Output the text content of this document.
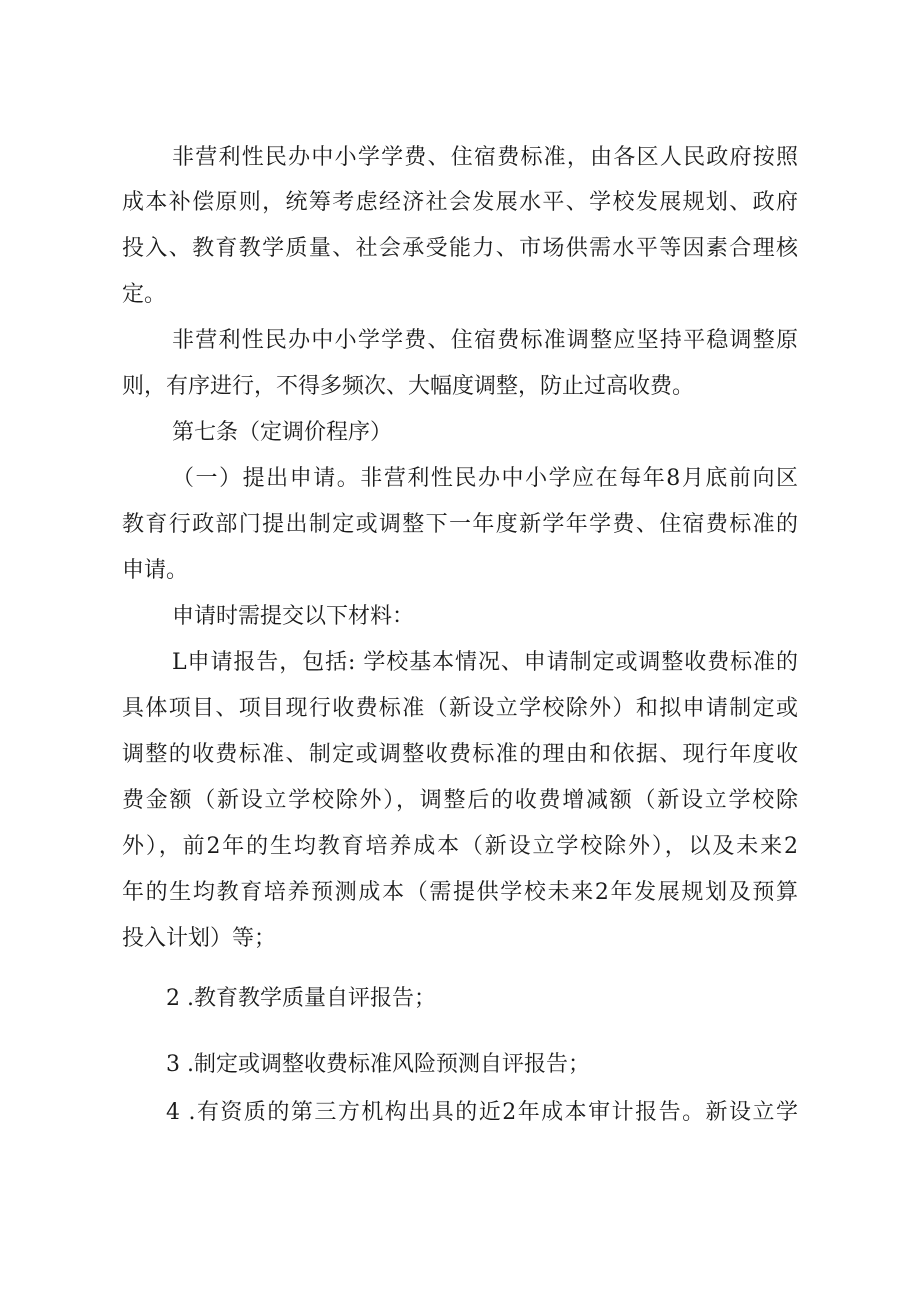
非营利性民办中小学学费、住宿费标准，由各区人民政府按照

成本补偿原则，统筹考虑经济社会发展水平、学校发展规划、政府

投入、教育教学质量、社会承受能力、市场供需水平等因素合理核

定。

非营利性民办中小学学费、住宿费标准调整应坚持平稳调整原

则，有序进行，不得多频次、大幅度调整，防止过高收费。

第七条（定调价程序）

（一）提出申请。非营利性民办中小学应在每年8月底前向区

教育行政部门提出制定或调整下一年度新学年学费、住宿费标准的

申请。

申请时需提交以下材料：

L申请报告，包括: 学校基本情况、申请制定或调整收费标准的

具体项目、项目现行收费标准（新设立学校除外）和拟申请制定或

调整的收费标准、制定或调整收费标准的理由和依据、现行年度收

费金额（新设立学校除外），调整后的收费增减额（新设立学校除

外），前2年的生均教育培养成本（新设立学校除外），以及未来2

年的生均教育培养预测成本（需提供学校未来2年发展规划及预算

投入计划）等；

2 .教育教学质量自评报告；

3 .制定或调整收费标准风险预测自评报告；

4 .有资质的第三方机构出具的近2年成本审计报告。新设立学
